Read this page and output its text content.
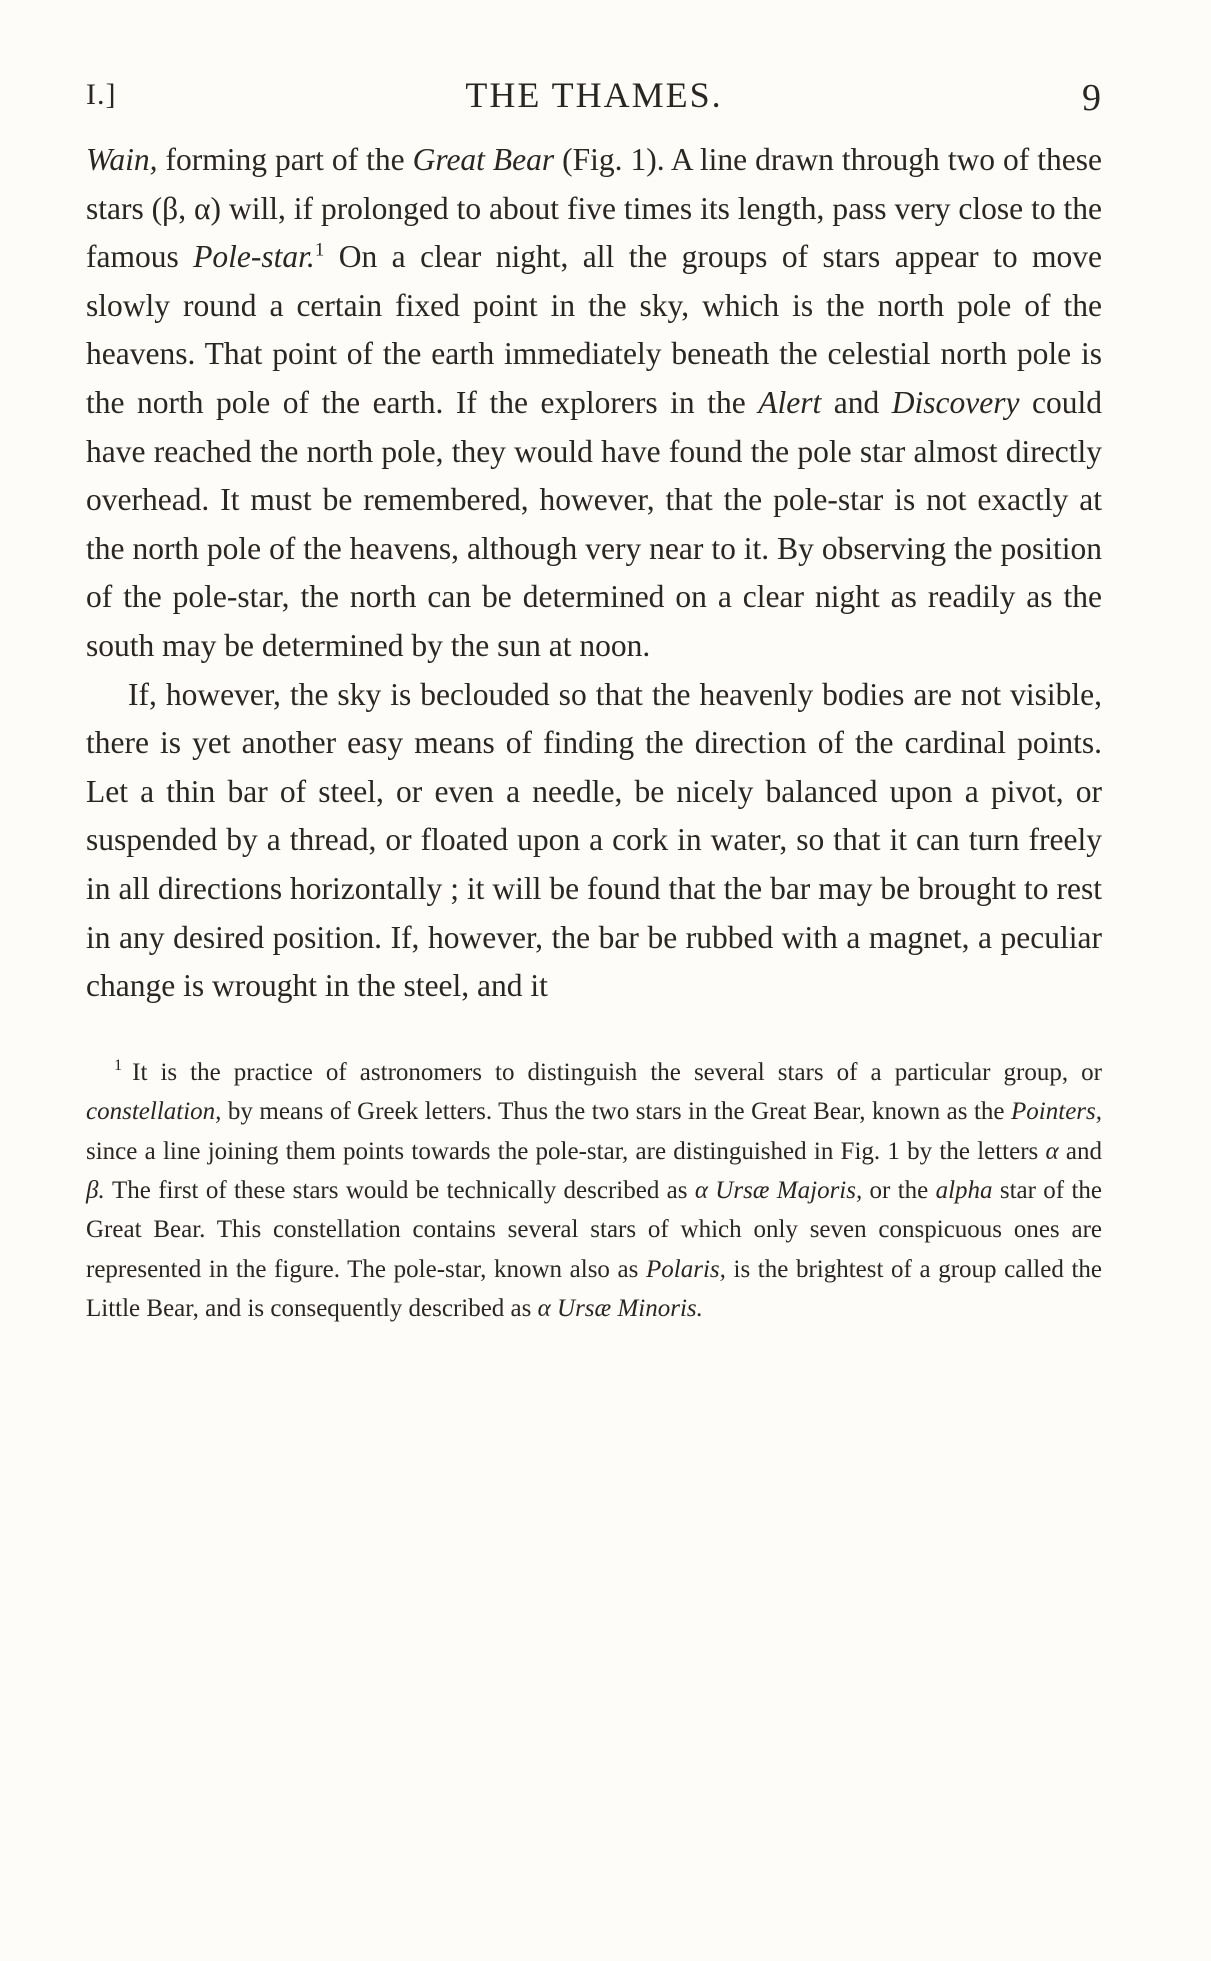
I.]	THE THAMES.	9

Wain, forming part of the Great Bear (Fig. 1). A line drawn through two of these stars (β, α) will, if prolonged to about five times its length, pass very close to the famous Pole-star.$^1$ On a clear night, all the groups of stars appear to move slowly round a certain fixed point in the sky, which is the north pole of the heavens. That point of the earth immediately beneath the celestial north pole is the north pole of the earth. If the explorers in the Alert and Discovery could have reached the north pole, they would have found the pole star almost directly overhead. It must be remembered, however, that the pole-star is not exactly at the north pole of the heavens, although very near to it. By observing the position of the pole-star, the north can be determined on a clear night as readily as the south may be determined by the sun at noon.

If, however, the sky is beclouded so that the heavenly bodies are not visible, there is yet another easy means of finding the direction of the cardinal points. Let a thin bar of steel, or even a needle, be nicely balanced upon a pivot, or suspended by a thread, or floated upon a cork in water, so that it can turn freely in all directions horizontally ; it will be found that the bar may be brought to rest in any desired position. If, however, the bar be rubbed with a magnet, a peculiar change is wrought in the steel, and it

$^1$ It is the practice of astronomers to distinguish the several stars of a particular group, or constellation, by means of Greek letters. Thus the two stars in the Great Bear, known as the Pointers, since a line joining them points towards the pole-star, are distinguished in Fig. 1 by the letters α and β. The first of these stars would be technically described as α Ursæ Majoris, or the alpha star of the Great Bear. This constellation contains several stars of which only seven conspicuous ones are represented in the figure. The pole-star, known also as Polaris, is the brightest of a group called the Little Bear, and is consequently described as α Ursæ Minoris.
